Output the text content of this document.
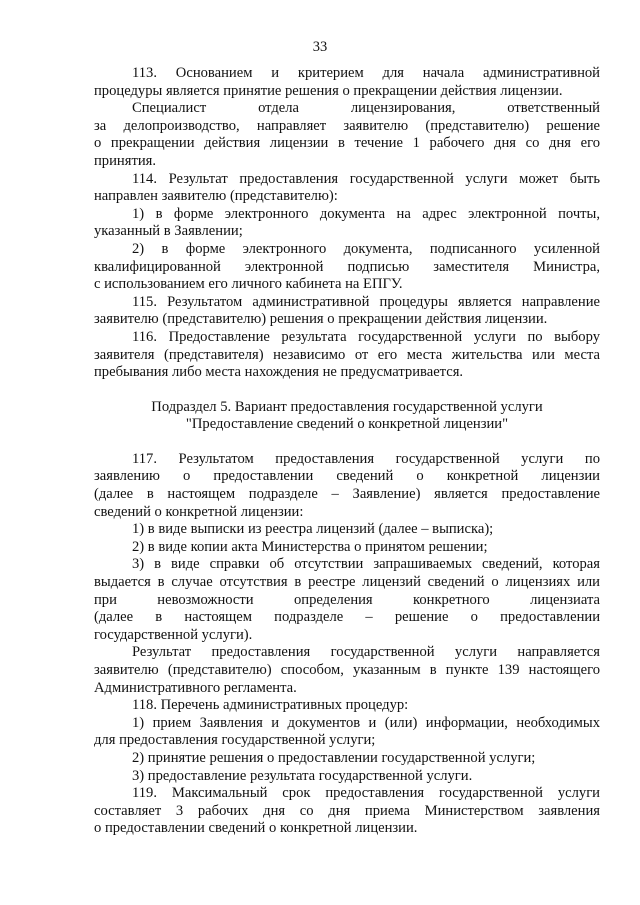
33
113. Основанием и критерием для начала административной
процедуры является принятие решения о прекращении действия лицензии.
Специалист отдела лицензирования, ответственный
за делопроизводство, направляет заявителю (представителю) решение
о прекращении действия лицензии в течение 1 рабочего дня со дня его
принятия.
114. Результат предоставления государственной услуги может быть
направлен заявителю (представителю):
1) в форме электронного документа на адрес электронной почты,
указанный в Заявлении;
2) в форме электронного документа, подписанного усиленной
квалифицированной электронной подписью заместителя Министра,
с использованием его личного кабинета на ЕПГУ.
115. Результатом административной процедуры является направление
заявителю (представителю) решения о прекращении действия лицензии.
116. Предоставление результата государственной услуги по выбору
заявителя (представителя) независимо от его места жительства или места
пребывания либо места нахождения не предусматривается.
Подраздел 5. Вариант предоставления государственной услуги
"Предоставление сведений о конкретной лицензии"
117. Результатом предоставления государственной услуги по
заявлению о предоставлении сведений о конкретной лицензии
(далее в настоящем подразделе – Заявление) является предоставление
сведений о конкретной лицензии:
1) в виде выписки из реестра лицензий (далее – выписка);
2) в виде копии акта Министерства о принятом решении;
3) в виде справки об отсутствии запрашиваемых сведений, которая
выдается в случае отсутствия в реестре лицензий сведений о лицензиях или
при невозможности определения конкретного лицензиата
(далее в настоящем подразделе – решение о предоставлении
государственной услуги).
Результат предоставления государственной услуги направляется
заявителю (представителю) способом, указанным в пункте 139 настоящего
Административного регламента.
118. Перечень административных процедур:
1) прием Заявления и документов и (или) информации, необходимых
для предоставления государственной услуги;
2) принятие решения о предоставлении государственной услуги;
3) предоставление результата государственной услуги.
119. Максимальный срок предоставления государственной услуги
составляет 3 рабочих дня со дня приема Министерством заявления
о предоставлении сведений о конкретной лицензии.
